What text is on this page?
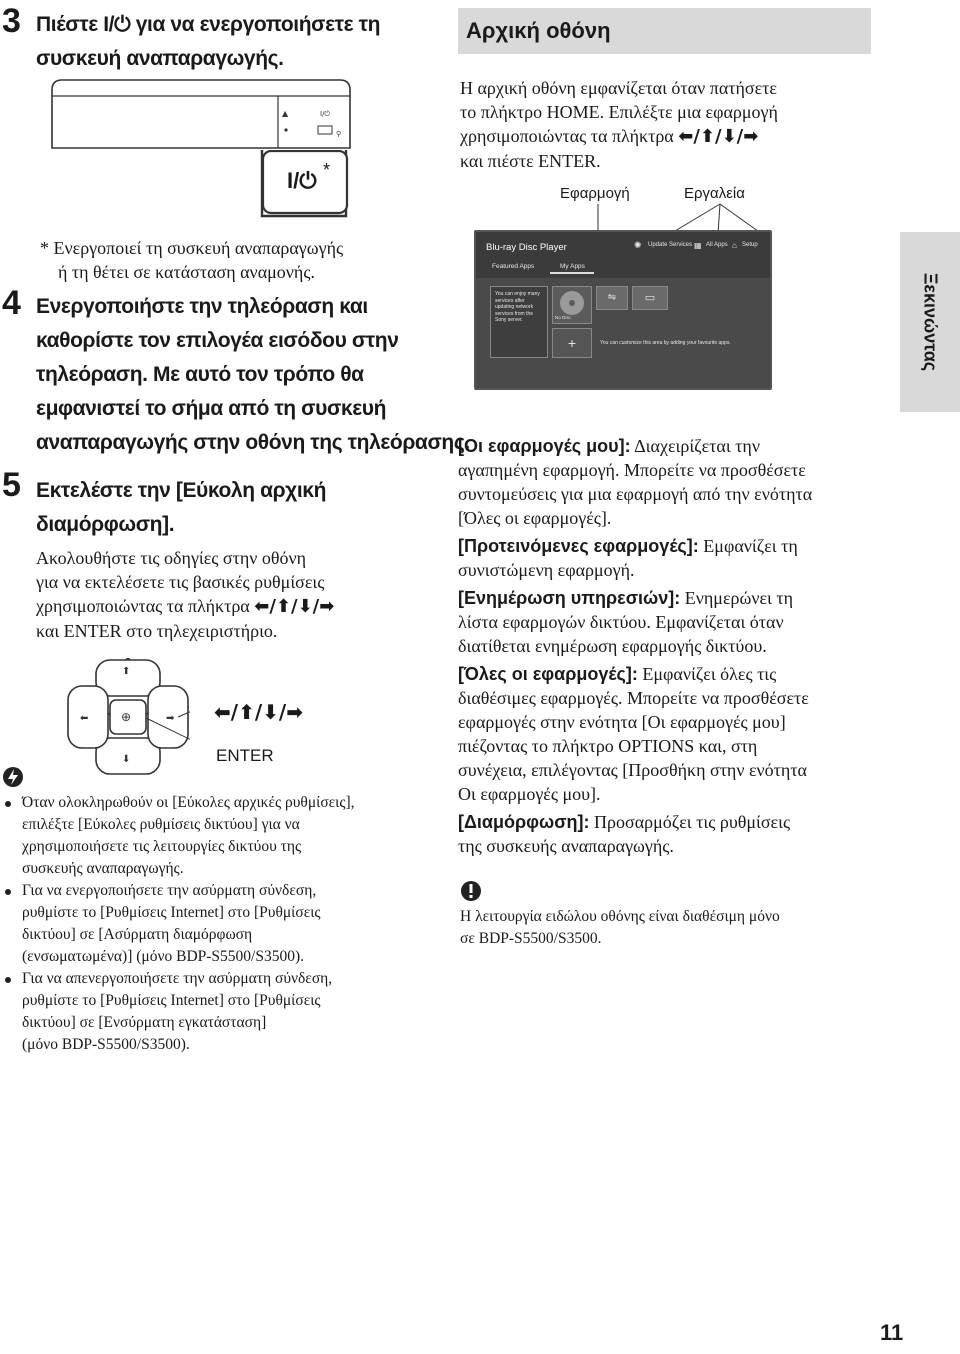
3 Πιέστε I/⏻ για να ενεργοποιήσετε τη
συσκευή αναπαραγωγής.
▲	I/⏻
⚲
I/⏻ *
* Ενεργοποιεί τη συσκευή αναπαραγωγής
ή τη θέτει σε κατάσταση αναμονής.
4 Ενεργοποιήστε την τηλεόραση και
καθορίστε τον επιλογέα εισόδου στην
τηλεόραση. Με αυτό τον τρόπο θα
εμφανιστεί το σήμα από τη συσκευή
αναπαραγωγής στην οθόνη της τηλεόρασης.
5 Εκτελέστε την [Εύκολη αρχική
διαμόρφωση].
Ακολουθήστε τις οδηγίες στην οθόνη
για να εκτελέσετε τις βασικές ρυθμίσεις
χρησιμοποιώντας τα πλήκτρα ⬅/⬆/⬇/➡
και ENTER στο τηλεχειριστήριο.
⬆
⬇
⬅	➡
⊕	⬅/⬆/⬇/➡
ENTER
Όταν ολοκληρωθούν οι [Εύκολες αρχικές ρυθμίσεις],
επιλέξτε [Εύκολες ρυθμίσεις δικτύου] για να
χρησιμοποιήσετε τις λειτουργίες δικτύου της
συσκευής αναπαραγωγής.
Για να ενεργοποιήσετε την ασύρματη σύνδεση,
ρυθμίστε το [Ρυθμίσεις Internet] στο [Ρυθμίσεις
δικτύου] σε [Ασύρματη διαμόρφωση
(ενσωματωμένα)] (μόνο BDP-S5500/S3500).
Για να απενεργοποιήσετε την ασύρματη σύνδεση,
ρυθμίστε το [Ρυθμίσεις Internet] στο [Ρυθμίσεις
δικτύου] σε [Ενσύρματη εγκατάσταση]
(μόνο BDP-S5500/S3500).
Αρχική οθόνη
Η αρχική οθόνη εμφανίζεται όταν πατήσετε
το πλήκτρο HOME. Επιλέξτε μια εφαρμογή
χρησιμοποιώντας τα πλήκτρα ⬅/⬆/⬇/➡
και πιέστε ENTER.
Εφαρμογή	Εργαλεία
Blu-ray Disc Player
Featured Apps	My Apps
✺ Update Services ▦ All Apps ⌂ Setup
You can enjoy many services after updating network services from the Sony server.	No Disc
⇋	▭
+	You can customize this area by adding your favourite apps.
[Οι εφαρμογές μου]: Διαχειρίζεται την
αγαπημένη εφαρμογή. Μπορείτε να προσθέσετε
συντομεύσεις για μια εφαρμογή από την ενότητα
[Όλες οι εφαρμογές].
[Προτεινόμενες εφαρμογές]: Εμφανίζει τη
συνιστώμενη εφαρμογή.
[Ενημέρωση υπηρεσιών]: Ενημερώνει τη
λίστα εφαρμογών δικτύου. Εμφανίζεται όταν
διατίθεται ενημέρωση εφαρμογής δικτύου.
[Όλες οι εφαρμογές]: Εμφανίζει όλες τις
διαθέσιμες εφαρμογές. Μπορείτε να προσθέσετε
εφαρμογές στην ενότητα [Οι εφαρμογές μου]
πιέζοντας το πλήκτρο OPTIONS και, στη
συνέχεια, επιλέγοντας [Προσθήκη στην ενότητα
Οι εφαρμογές μου].
[Διαμόρφωση]: Προσαρμόζει τις ρυθμίσεις
της συσκευής αναπαραγωγής.
Η λειτουργία ειδώλου οθόνης είναι διαθέσιμη μόνο
σε BDP-S5500/S3500.
Ξεκινώντας
11
